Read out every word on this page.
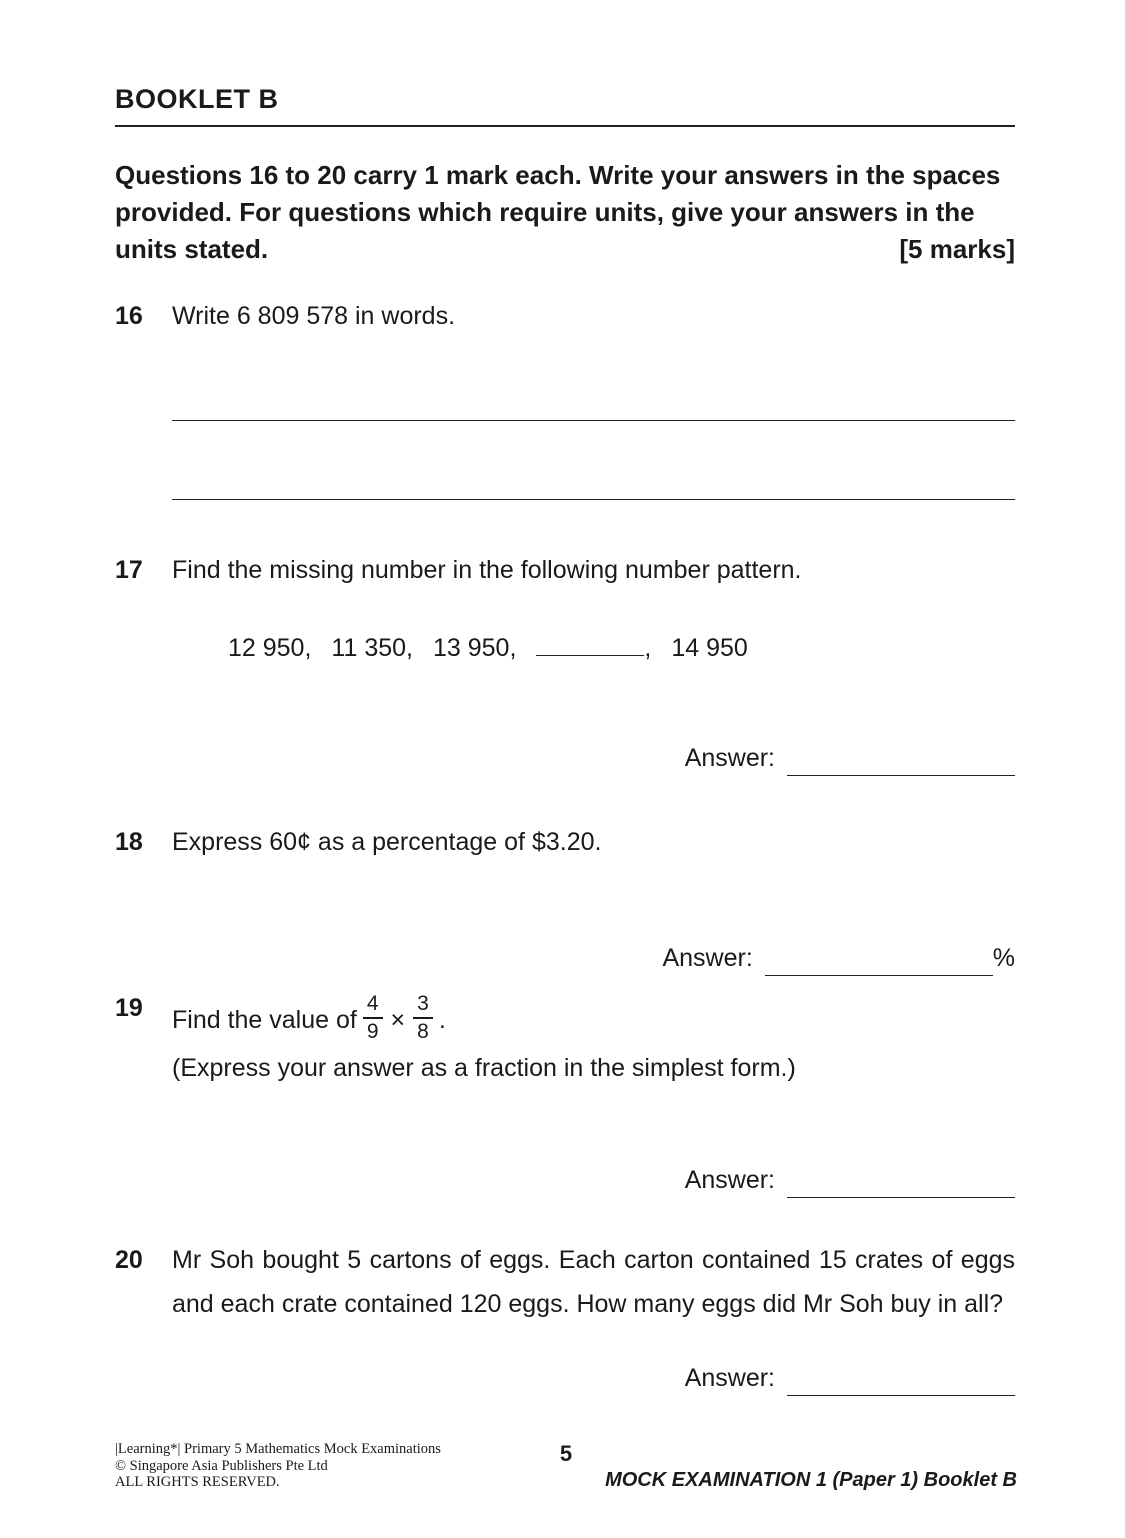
BOOKLET B
Questions 16 to 20 carry 1 mark each. Write your answers in the spaces provided. For questions which require units, give your answers in the units stated.	[5 marks]
16	Write 6 809 578 in words.
17	Find the missing number in the following number pattern.
12 950, 11 350, 13 950,	, 14 950
Answer:
18	Express 60¢ as a percentage of $3.20.
Answer:	%
19	Find the value of $\frac{4}{9} \times \frac{3}{8}$ .
(Express your answer as a fraction in the simplest form.)
Answer:
20	Mr Soh bought 5 cartons of eggs. Each carton contained 15 crates of eggs and each crate contained 120 eggs. How many eggs did Mr Soh buy in all?
Answer:
|Learning*| Primary 5 Mathematics Mock Examinations
© Singapore Asia Publishers Pte Ltd
ALL RIGHTS RESERVED.
5
MOCK EXAMINATION 1 (Paper 1) Booklet B
